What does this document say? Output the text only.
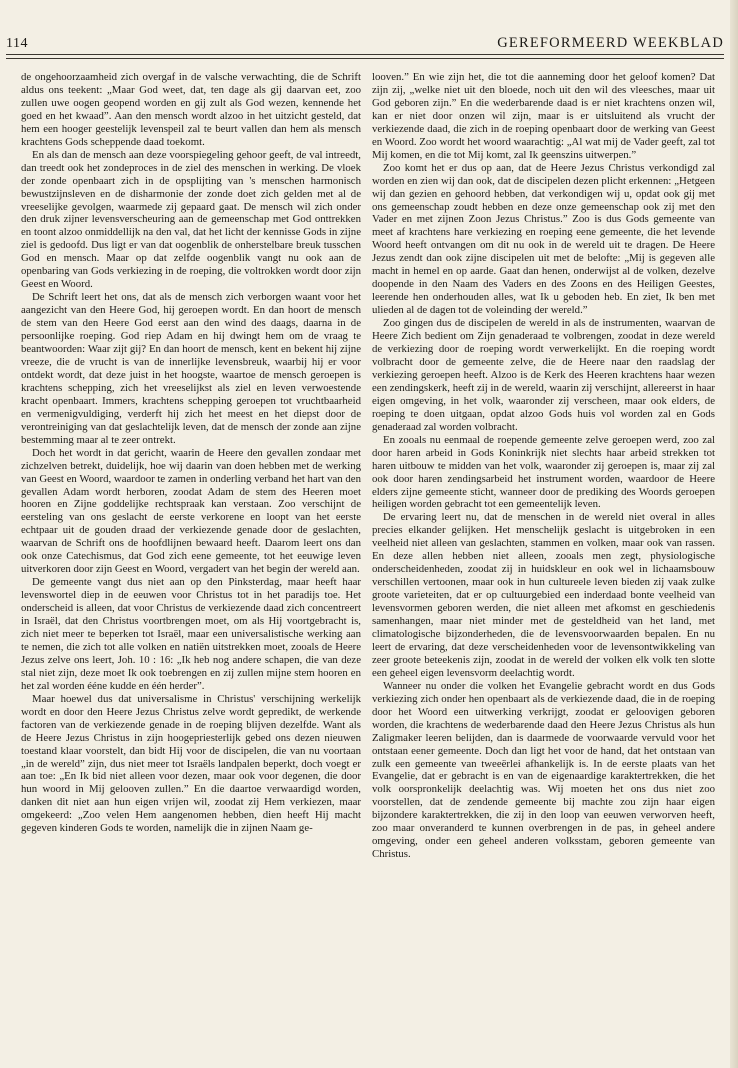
114	GEREFORMEERD WEEKBLAD

de ongehoorzaamheid zich overgaf in de valsche verwachting, die de Schrift aldus ons teekent: „Maar God weet, dat, ten dage als gij daarvan eet, zoo zullen uwe oogen geopend worden en gij zult als God wezen, kennende het goed en het kwaad”. Aan den mensch wordt alzoo in het uitzicht gesteld, dat hem een hooger geestelijk levenspeil zal te beurt vallen dan hem als mensch krachtens Gods scheppende daad toekomt.

En als dan de mensch aan deze voorspiegeling gehoor geeft, de val intreedt, dan treedt ook het zondeproces in de ziel des menschen in werking. De vloek der zonde openbaart zich in de opsplijting van 's menschen harmonisch bewustzijnsleven en de disharmonie der zonde doet zich gelden met al de vreeselijke gevolgen, waarmede zij gepaard gaat. De mensch wil zich onder den druk zijner levensverscheuring aan de gemeenschap met God onttrekken en toont alzoo onmiddellijk na den val, dat het licht der kennisse Gods in zijne ziel is gedoofd. Dus ligt er van dat oogenblik de onherstelbare breuk tusschen God en mensch. Maar op dat zelfde oogenblik vangt nu ook aan de openbaring van Gods verkiezing in de roeping, die voltrokken wordt door zijn Geest en Woord.

De Schrift leert het ons, dat als de mensch zich verborgen waant voor het aangezicht van den Heere God, hij geroepen wordt. En dan hoort de mensch de stem van den Heere God eerst aan den wind des daags, daarna in de persoonlijke roeping. God riep Adam en hij dwingt hem om de vraag te beantwoorden: Waar zijt gij? En dan hoort de mensch, kent en bekent hij zijne vreeze, die de vrucht is van de innerlijke levensbreuk, waarbij hij er voor ontdekt wordt, dat deze juist in het hoogste, waartoe de mensch geroepen is krachtens schepping, zich het vreeselijkst als ziel en leven verwoestende kracht openbaart. Immers, krachtens schepping geroepen tot vruchtbaarheid en vermenigvuldiging, verderft hij zich het meest en het diepst door de verontreiniging van dat geslachtelijk leven, dat de mensch der zonde aan zijne bestemming maar al te zeer ontrekt.

Doch het wordt in dat gericht, waarin de Heere den gevallen zondaar met zichzelven betrekt, duidelijk, hoe wij daarin van doen hebben met de werking van Geest en Woord, waardoor te zamen in onderling verband het hart van den gevallen Adam wordt herboren, zoodat Adam de stem des Heeren moet hooren en Zijne goddelijke rechtspraak kan verstaan. Zoo verschijnt de eersteling van ons geslacht de eerste verkorene en loopt van het eerste echtpaar uit de gouden draad der verkiezende genade door de geslachten, waarvan de Schrift ons de hoofdlijnen bewaard heeft. Daarom leert ons dan ook onze Catechismus, dat God zich eene gemeente, tot het eeuwige leven uitverkoren door zijn Geest en Woord, vergadert van het begin der wereld aan.

De gemeente vangt dus niet aan op den Pinksterdag, maar heeft haar levenswortel diep in de eeuwen voor Christus tot in het paradijs toe. Het onderscheid is alleen, dat voor Christus de verkiezende daad zich concentreert in Israël, dat den Christus voortbrengen moet, om als Hij voortgebracht is, zich niet meer te beperken tot Israël, maar een universalistische werking aan te nemen, die zich tot alle volken en natiën uitstrekken moet, zooals de Heere Jezus zelve ons leert, Joh. 10 : 16: „Ik heb nog andere schapen, die van deze stal niet zijn, deze moet Ik ook toebrengen en zij zullen mijne stem hooren en het zal worden ééne kudde en één herder”.

Maar hoewel dus dat universalisme in Christus' verschijning werkelijk wordt en door den Heere Jezus Christus zelve wordt gepredikt, de werkende factoren van de verkiezende genade in de roeping blijven dezelfde. Want als de Heere Jezus Christus in zijn hoogepriesterlijk gebed ons dezen nieuwen toestand klaar voorstelt, dan bidt Hij voor de discipelen, die van nu voortaan „in de wereld” zijn, dus niet meer tot Israëls landpalen beperkt, doch voegt er aan toe: „En Ik bid niet alleen voor dezen, maar ook voor degenen, die door hun woord in Mij gelooven zullen.” En die daartoe verwaardigd worden, danken dit niet aan hun eigen vrijen wil, zoodat zij Hem verkiezen, maar omgekeerd: „Zoo velen Hem aangenomen hebben, dien heeft Hij macht gegeven kinderen Gods te worden, namelijk die in zijnen Naam ge-

looven.” En wie zijn het, die tot die aanneming door het geloof komen? Dat zijn zij, „welke niet uit den bloede, noch uit den wil des vleesches, maar uit God geboren zijn.” En die wederbarende daad is er niet krachtens onzen wil, kan er niet door onzen wil zijn, maar is er uitsluitend als vrucht der verkiezende daad, die zich in de roeping openbaart door de werking van Geest en Woord. Zoo wordt het woord waarachtig: „Al wat mij de Vader geeft, zal tot Mij komen, en die tot Mij komt, zal Ik geenszins uitwerpen.”

Zoo komt het er dus op aan, dat de Heere Jezus Christus verkondigd zal worden en zien wij dan ook, dat de discipelen dezen plicht erkennen: „Hetgeen wij dan gezien en gehoord hebben, dat verkondigen wij u, opdat ook gij met ons gemeenschap zoudt hebben en deze onze gemeenschap ook zij met den Vader en met zijnen Zoon Jezus Christus.” Zoo is dus Gods gemeente van meet af krachtens hare verkiezing en roeping eene gemeente, die het levende Woord heeft ontvangen om dit nu ook in de wereld uit te dragen. De Heere Jezus zendt dan ook zijne discipelen uit met de belofte: „Mij is gegeven alle macht in hemel en op aarde. Gaat dan henen, onderwijst al de volken, dezelve doopende in den Naam des Vaders en des Zoons en des Heiligen Geestes, leerende hen onderhouden alles, wat Ik u geboden heb. En ziet, Ik ben met ulieden al de dagen tot de voleinding der wereld.”

Zoo gingen dus de discipelen de wereld in als de instrumenten, waarvan de Heere Zich bedient om Zijn genaderaad te volbrengen, zoodat in deze wereld de verkiezing door de roeping wordt verwerkelijkt. En die roeping wordt volbracht door de gemeente zelve, die de Heere naar den raadslag der verkiezing geroepen heeft. Alzoo is de Kerk des Heeren krachtens haar wezen een zendingskerk, heeft zij in de wereld, waarin zij verschijnt, allereerst in haar eigen omgeving, in het volk, waaronder zij verscheen, maar ook elders, de roeping te doen uitgaan, opdat alzoo Gods huis vol worden zal en Gods genaderaad zal worden volbracht.

En zooals nu eenmaal de roepende gemeente zelve geroepen werd, zoo zal door haren arbeid in Gods Koninkrijk niet slechts haar arbeid strekken tot haren uitbouw te midden van het volk, waaronder zij geroepen is, maar zij zal ook door haren zendingsarbeid het instrument worden, waardoor de Heere elders zijne gemeente sticht, wanneer door de prediking des Woords geroepen heiligen worden gebracht tot een gemeentelijk leven.

De ervaring leert nu, dat de menschen in de wereld niet overal in alles precies elkander gelijken. Het menschelijk geslacht is uitgebroken in een veelheid niet alleen van geslachten, stammen en volken, maar ook van rassen. En deze allen hebben niet alleen, zooals men zegt, physiologische onderscheidenheden, zoodat zij in huidskleur en ook wel in lichaamsbouw verschillen vertoonen, maar ook in hun cultureele leven bieden zij vaak zulke groote varieteiten, dat er op cultuurgebied een inderdaad bonte veelheid van levensvormen geboren werden, die niet alleen met afkomst en geschiedenis samenhangen, maar niet minder met de gesteldheid van het land, met climatologische bijzonderheden, die de levensvoorwaarden bepalen. En nu leert de ervaring, dat deze verscheidenheden voor de levensontwikkeling van zeer groote beteekenis zijn, zoodat in de wereld der volken elk volk ten slotte een geheel eigen levensvorm deelachtig wordt.

Wanneer nu onder die volken het Evangelie gebracht wordt en dus Gods verkiezing zich onder hen openbaart als de verkiezende daad, die in de roeping door het Woord een uitwerking verkrijgt, zoodat er geloovigen geboren worden, die krachtens de wederbarende daad den Heere Jezus Christus als hun Zaligmaker leeren belijden, dan is daarmede de voorwaarde vervuld voor het ontstaan eener gemeente. Doch dan ligt het voor de hand, dat het ontstaan van zulk een gemeente van tweeërlei afhankelijk is. In de eerste plaats van het Evangelie, dat er gebracht is en van de eigenaardige karaktertrekken, die het volk oorspronkelijk deelachtig was. Wij moeten het ons dus niet zoo voorstellen, dat de zendende gemeente bij machte zou zijn haar eigen bijzondere karaktertrekken, die zij in den loop van eeuwen verworven heeft, zoo maar onveranderd te kunnen overbrengen in de pas, in geheel andere omgeving, onder een geheel anderen volksstam, geboren gemeente van Christus.
